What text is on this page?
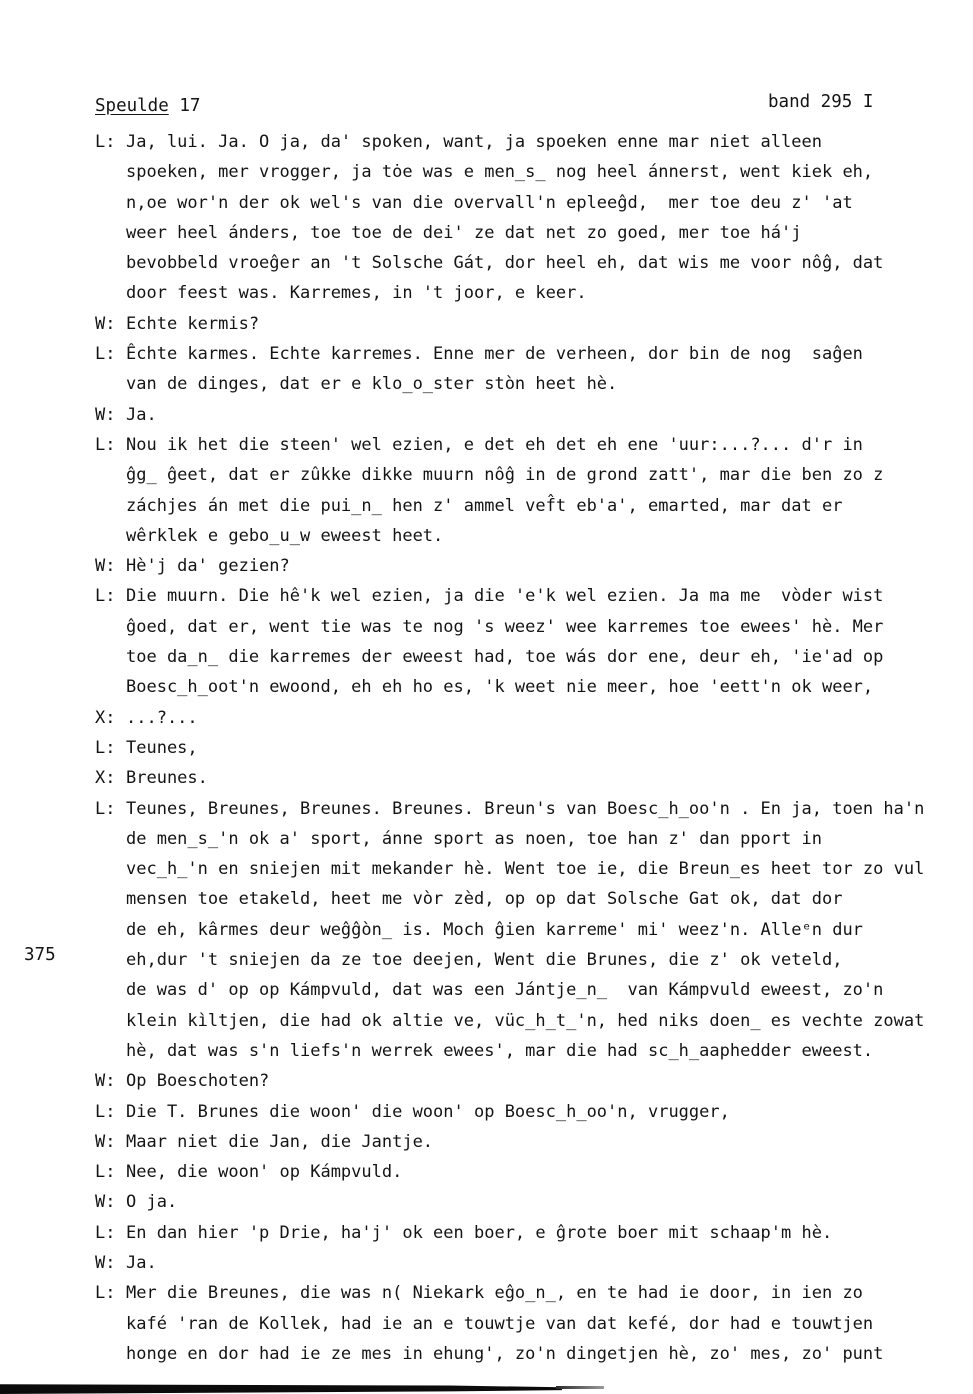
Speulde 17	band 295 I
375
L: Ja, lui. Ja. O ja, da' spoken, want, ja spoeken enne mar niet alleen
spoeken, mer vrogger, ja tȯe was e men̲s̲ nog heel ánnerst, went kiek eh,
n,oe wor'n der ok wel's van die overvall'n epleeĝd,  mer toe deu z' 'at
weer heel ánders, toe toe de dei' ze dat net zo goed, mer toe há'j
bevobbeld vroeĝer an 't Solsche Gát, dor heel eh, dat wis me voor nôĝ, dat
door feest was. Karremes, in 't joor, e keer.
W: Echte kermis?
L: Êchte karmes. Echte karremes. Enne mer de verheen, dor bin de nog  saĝen
van de dinges, dat er e klo̲o̲ster stòn heet hè.
W: Ja.
L: Nou ik het die steen' wel ezien, e det eh det eh ene 'uur:...?... d'r in
ĝg̲ ĝeet, dat er zûkke dikke muurn nôĝ in de grond zatt', mar die ben zo z
záchjes án met die pui̲n̲ hen z' ammel vef̂t eb'a', emarted, mar dat er
wêrklek e gebo̲u̲w eweest heet.
W: Hè'j da' gezien?
L: Die muurn. Die hê'k wel ezien, ja die 'e'k wel ezien. Ja ma me  vòder wist
ĝoed, dat er, went tie was te nog 's weez' wee karremes toe ewees' hè. Mer
toe da̲n̲ die karremes der eweest had, toe wás dor ene, deur eh, 'ie'ad op
Boesc̲h̲oot'n ewoond, eh eh ho es, 'k weet nie meer, hoe 'eett'n ok weer,
X: ...?...
L: Teunes,
X: Breunes.
L: Teunes, Breunes, Breunes. Breunes. Breun's van Boesc̲h̲oo'n . En ja, toen ha'n
de men̲s̲'n ok a' sport, ánne sport as noen, toe han z' dan pport in
vec̲h̲'n en sniejen mit mekander hè. Went toe ie, die Breun̲es heet tor zo vul
mensen toe etakeld, heet me vòr zèd, op op dat Solsche Gat ok, dat dor
de eh, kârmes deur weĝĝòn̲ is. Moch ĝien karreme' mi' weez'n. Alleᵉn dur
eh,dur 't sniejen da ze toe deejen, Went die Brunes, die z' ok veteld,
de was d' op op Kámpvuld, dat was een Jántje̲n̲  van Kámpvuld eweest, zo'n
klein kìltjen, die had ok altie ve, vüc̲h̲t̲'n, hed niks doen̲ es vechte zowat
hè, dat was s'n liefs'n werrek ewees', mar die had sc̲h̲aaphedder eweest.
W: Op Boeschoten?
L: Die T. Brunes die woon' die woon' op Boesc̲h̲oo'n, vrugger,
W: Maar niet die Jan, die Jantje.
L: Nee, die woon' op Kámpvuld.
W: O ja.
L: En dan hier 'p Drie, ha'j' ok een boer, e ĝrote boer mit schaap'm hè.
W: Ja.
L: Mer die Breunes, die was n( Niekark eĝo̲n̲, en te had ie door, in ien zo
kafé 'ran de Kollek, had ie an e touwtje van dat kefé, dor had e touwtjen
honge en dor had ie ze mes in ehung', zo'n dingetjen hè, zo' mes, zo' punt
